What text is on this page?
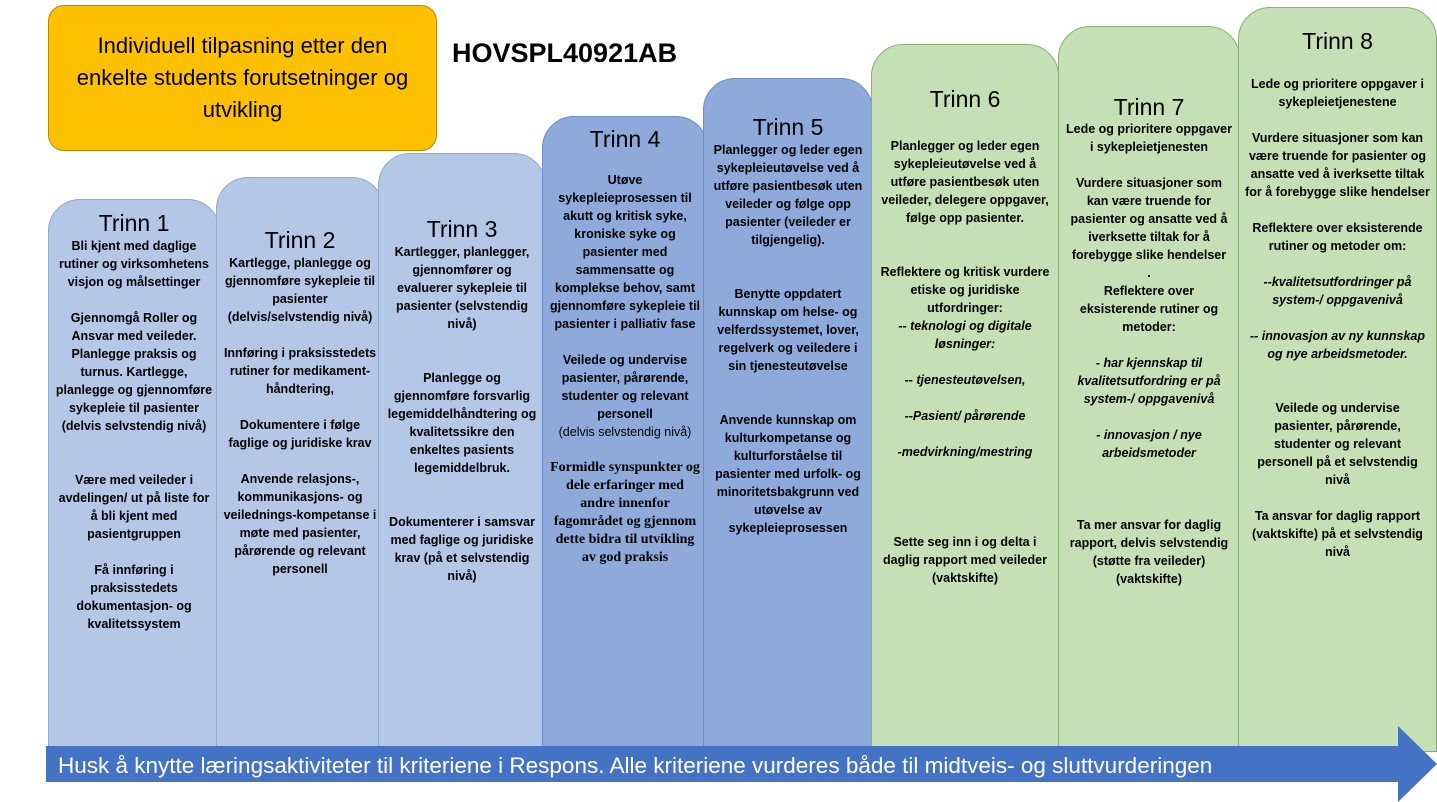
Individuell tilpasning etter den enkelte students forutsetninger og utvikling
HOVSPL40921AB
Trinn 1

Bli kjent med daglige rutiner og virksomhetens visjon og målsettinger

Gjennomgå Roller og Ansvar med veileder. Planlegge praksis og turnus. Kartlegge, planlegge og gjennomføre sykepleie til pasienter (delvis selvstendig nivå)

Være med veileder i avdelingen/ ut på liste for å bli kjent med pasientgruppen

Få innføring i praksisstedets dokumentasjon- og kvalitetssystem

Trinn 2

Kartlegge, planlegge og gjennomføre sykepleie til pasienter (delvis/selvstendig nivå)

Innføring i praksisstedets rutiner for medikament-håndtering,

Dokumentere i følge faglige og juridiske krav

Anvende relasjons-, kommunikasjons- og veilednings-kompetanse i møte med pasienter, pårørende og relevant personell

Trinn 3

Kartlegger, planlegger, gjennomfører og evaluerer sykepleie til pasienter (selvstendig nivå)

Planlegge og gjennomføre forsvarlig legemiddelhåndtering og kvalitetssikre den enkeltes pasients legemiddelbruk.

Dokumenterer i samsvar med faglige og juridiske krav (på et selvstendig nivå)

Trinn 4

Utøve sykepleieprosessen til akutt og kritisk syke, kroniske syke og pasienter med sammensatte og komplekse behov, samt gjennomføre sykepleie til pasienter i palliativ fase

Veilede og undervise pasienter, pårørende, studenter og relevant personell

(delvis selvstendig nivå)

Formidle synspunkter og dele erfaringer med andre innenfor fagområdet og gjennom dette bidra til utvikling av god praksis

Trinn 5

Planlegger og leder egen sykepleieutøvelse ved å utføre pasientbesøk uten veileder og følge opp pasienter (veileder er tilgjengelig).

Benytte oppdatert kunnskap om helse- og velferdssystemet, lover, regelverk og veiledere i sin tjenesteutøvelse

Anvende kunnskap om kulturkompetanse og kulturforståelse til pasienter med urfolk- og minoritetsbakgrunn ved utøvelse av sykepleieprosessen

Trinn 6

Planlegger og leder egen sykepleieutøvelse ved å utføre pasientbesøk uten veileder, delegere oppgaver, følge opp pasienter.

Reflektere og kritisk vurdere etiske og juridiske utfordringer:

-- teknologi og digitale løsninger:

-- tjenesteutøvelsen,

--Pasient/ pårørende

-medvirkning/mestring

Sette seg inn i og delta i daglig rapport med veileder (vaktskifte)

Trinn 7

Lede og prioritere oppgaver i sykepleietjenesten

Vurdere situasjoner som kan være truende for pasienter og ansatte ved å iverksette tiltak for å forebygge slike hendelser

.

Reflektere over eksisterende rutiner og metoder:

- har kjennskap til kvalitetsutfordring er på system-/ oppgavenivå

- innovasjon / nye arbeidsmetoder

Ta mer ansvar for daglig rapport, delvis selvstendig (støtte fra veileder) (vaktskifte)

Trinn 8

Lede og prioritere oppgaver i sykepleietjenestene

Vurdere situasjoner som kan være truende for pasienter og ansatte ved å iverksette tiltak for å forebygge slike hendelser

Reflektere over eksisterende rutiner og metoder om:

--kvalitetsutfordringer på system-/ oppgavenivå

-- innovasjon av ny kunnskap og nye arbeidsmetoder.

Veilede og undervise pasienter, pårørende, studenter og relevant personell på et selvstendig nivå

Ta ansvar for daglig rapport (vaktskifte) på et selvstendig nivå

Husk å knytte læringsaktiviteter til kriteriene i Respons. Alle kriteriene vurderes både til midtveis- og sluttvurderingen
